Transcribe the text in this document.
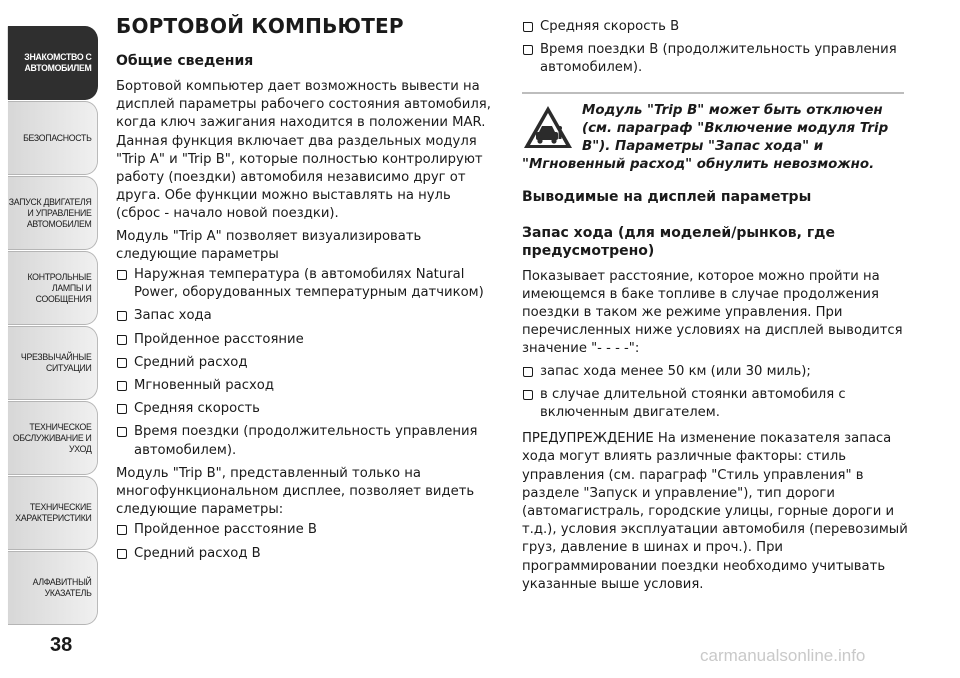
ЗНАКОМСТВО С
АВТОМОБИЛЕМ
БЕЗОПАСНОСТЬ
ЗАПУСК ДВИГАТЕЛЯ
И УПРАВЛЕНИЕ
АВТОМОБИЛЕМ
КОНТРОЛЬНЫЕ
ЛАМПЫ И
СООБЩЕНИЯ
ЧРЕЗВЫЧАЙНЫЕ
СИТУАЦИИ
ТЕХНИЧЕСКОЕ
ОБСЛУЖИВАНИЕ И
УХОД
ТЕХНИЧЕСКИЕ
ХАРАКТЕРИСТИКИ
АЛФАВИТНЫЙ
УКАЗАТЕЛЬ
38
БОРТОВОЙ КОМПЬЮТЕР
Общие сведения

Бортовой компьютер дает возможность вывести на дисплей параметры рабочего состояния автомобиля, когда ключ зажигания находится в положении MAR. Данная функция включает два раздельных модуля "Trip A" и "Trip B", которые полностью контролируют работу (поездки) автомобиля независимо друг от друга. Обе функции можно выставлять на нуль (сброс - начало новой поездки).

Модуль "Trip A" позволяет визуализировать следующие параметры

Наружная температура (в автомобилях Natural Power, оборудованных температурным датчиком)
Запас хода
Пройденное расстояние
Средний расход
Мгновенный расход
Средняя скорость
Время поездки (продолжительность управления автомобилем).

Модуль "Trip B", представленный только на многофункциональном дисплее, позволяет видеть следующие параметры:

Пройденное расстояние B
Средний расход B
Средняя скорость B
Время поездки B (продолжительность управления автомобилем).
Модуль "Trip B" может быть отключен (см. параграф "Включение модуля Trip B"). Параметры "Запас хода" и "Мгновенный расход" обнулить невозможно.
Выводимые на дисплей параметры
Запас хода (для моделей/рынков, где предусмотрено)

Показывает расстояние, которое можно пройти на имеющемся в баке топливе в случае продолжения поездки в таком же режиме управления. При перечисленных ниже условиях на дисплей выводится значение "- - - -":

запас хода менее 50 км (или 30 миль);
в случае длительной стоянки автомобиля с включенным двигателем.

ПРЕДУПРЕЖДЕНИЕ На изменение показателя запаса хода могут влиять различные факторы: стиль управления (см. параграф "Стиль управления" в разделе "Запуск и управление"), тип дороги (автомагистраль, городские улицы, горные дороги и т.д.), условия эксплуатации автомобиля (перевозимый груз, давление в шинах и проч.). При программировании поездки необходимо учитывать указанные выше условия.

carmanualsonline.info
